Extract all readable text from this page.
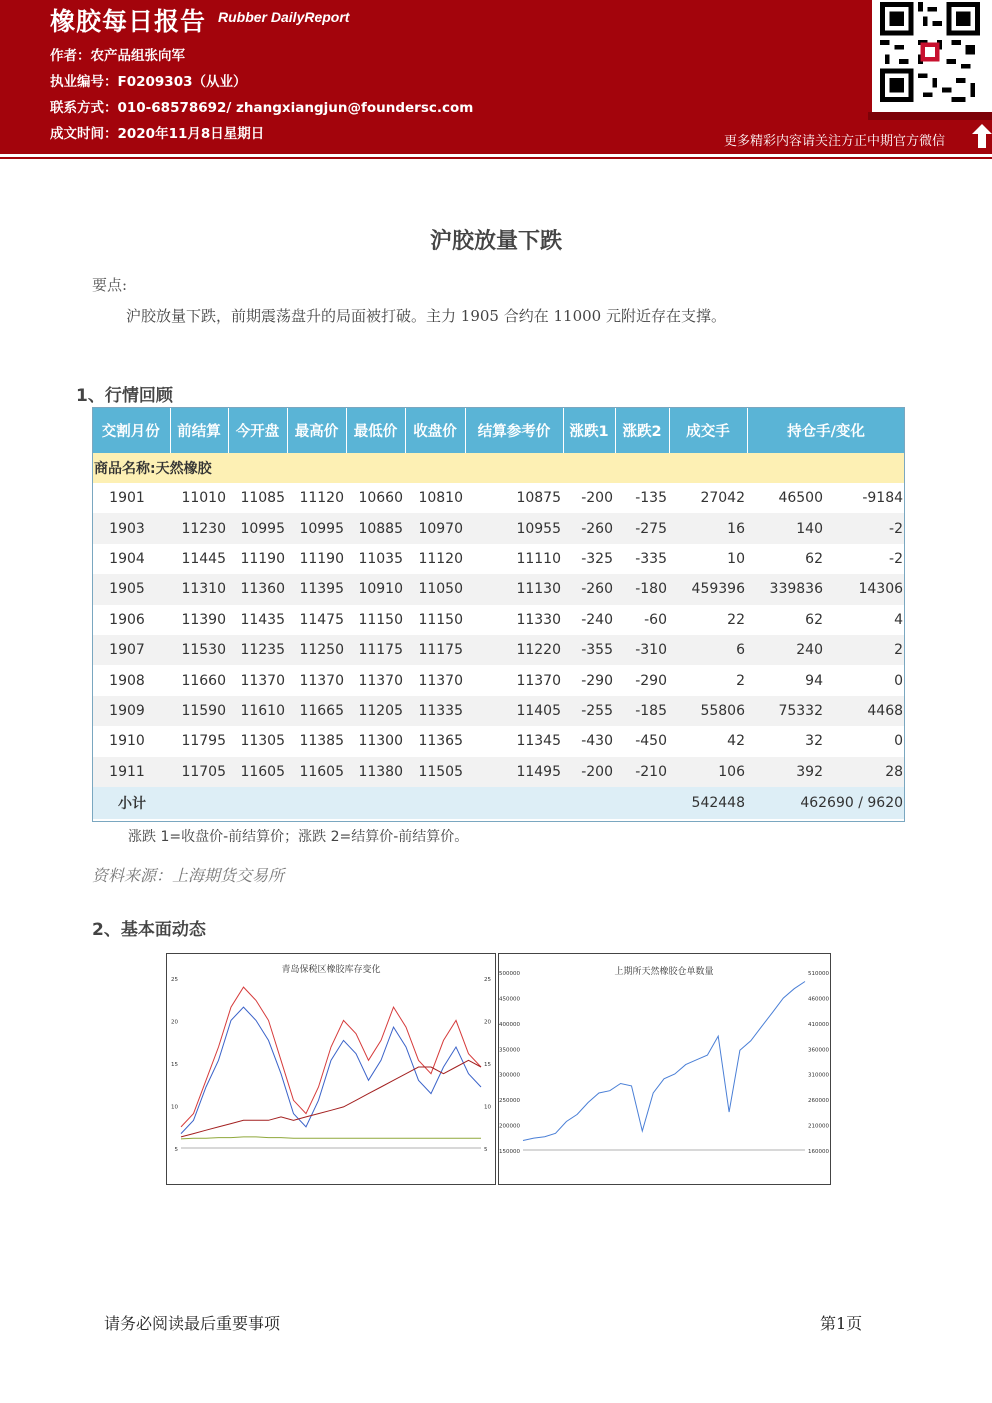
橡胶每日报告 Rubber DailyReport
作者：农产品组张向军
执业编号：F0209303（从业）
联系方式：010-68578692/ zhangxiangjun@foundersc.com
成文时间：2020年11月8日星期日	更多精彩内容请关注方正中期官方微信
沪胶放量下跌
要点:
沪胶放量下跌，前期震荡盘升的局面被打破。主力 1905 合约在 11000 元附近存在支撑。
1、行情回顾
交割月份	前结算	今开盘	最高价	最低价	收盘价	结算参考价	涨跌1	涨跌2	成交手	持仓手/变化	
商品名称:天然橡胶											
1901	11010	11085	11120	10660	10810	10875	-200	-135	27042	46500	-9184
1903	11230	10995	10995	10885	10970	10955	-260	-275	16	140	-2
1904	11445	11190	11190	11035	11120	11110	-325	-335	10	62	-2
1905	11310	11360	11395	10910	11050	11130	-260	-180	459396	339836	14306
1906	11390	11435	11475	11150	11150	11330	-240	-60	22	62	4
1907	11530	11235	11250	11175	11175	11220	-355	-310	6	240	2
1908	11660	11370	11370	11370	11370	11370	-290	-290	2	94	0
1909	11590	11610	11665	11205	11335	11405	-255	-185	55806	75332	4468
1910	11795	11305	11385	11300	11365	11345	-430	-450	42	32	0
1911	11705	11605	11605	11380	11505	11495	-200	-210	106	392	28
小计									542448	462690 / 9620	
涨跌 1=收盘价-前结算价；涨跌 2=结算价-前结算价。
资料来源：上海期货交易所
2、基本面动态
青岛保税区橡胶库存变化
25
20
15
10
5
25
20
15
10
5
上期所天然橡胶仓单数量
500000
450000
400000
350000
300000
250000
200000
150000
510000
460000
410000
360000
310000
260000
210000
160000
请务必阅读最后重要事项	第1页
